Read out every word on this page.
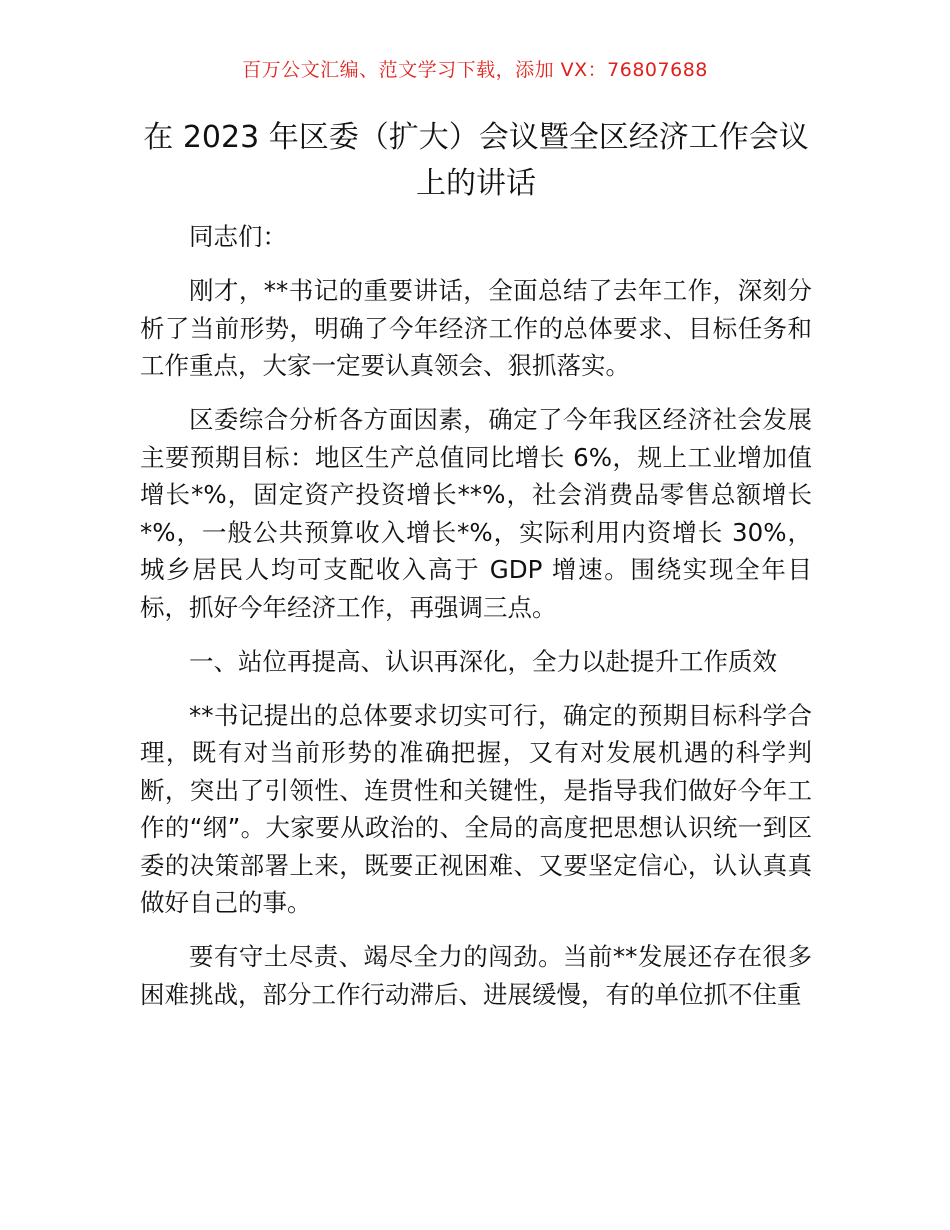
百万公文汇编、范文学习下载，添加 VX：76807688
在 2023 年区委（扩大）会议暨全区经济工作会议上的讲话

同志们：

刚才，**书记的重要讲话，全面总结了去年工作，深刻分析了当前形势，明确了今年经济工作的总体要求、目标任务和工作重点，大家一定要认真领会、狠抓落实。

区委综合分析各方面因素，确定了今年我区经济社会发展主要预期目标：地区生产总值同比增长 6%，规上工业增加值增长*%，固定资产投资增长**%，社会消费品零售总额增长*%，一般公共预算收入增长*%，实际利用内资增长 30%，城乡居民人均可支配收入高于 GDP 增速。围绕实现全年目标，抓好今年经济工作，再强调三点。

一、站位再提高、认识再深化，全力以赴提升工作质效

**书记提出的总体要求切实可行，确定的预期目标科学合理，既有对当前形势的准确把握，又有对发展机遇的科学判断，突出了引领性、连贯性和关键性，是指导我们做好今年工作的“纲”。大家要从政治的、全局的高度把思想认识统一到区委的决策部署上来，既要正视困难、又要坚定信心，认认真真做好自己的事。

要有守土尽责、竭尽全力的闯劲。当前**发展还存在很多困难挑战，部分工作行动滞后、进展缓慢，有的单位抓不住重
